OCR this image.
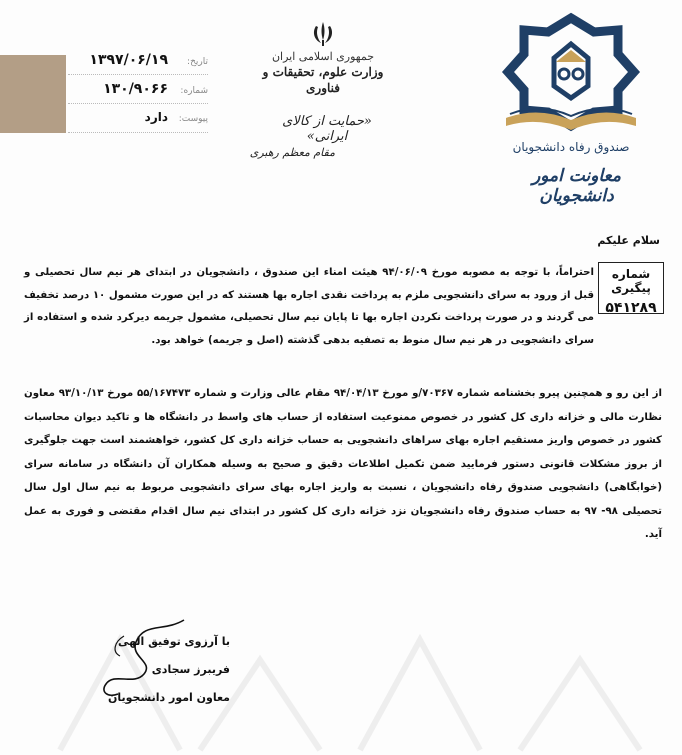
تاریخ:
۱۳۹۷/۰۶/۱۹
شماره:
۱۳۰/۹۰۶۶
پیوست:
دارد
جمهوری اسلامی ایران
وزارت علوم، تحقیقات و فناوری
«حمایت از کالای ایرانی»
مقام معظم رهبری	صندوق رفاه دانشجویان
معاونت امور دانشجویان
سلام علیکم
شماره پیگیری
۵۴۱۲۸۹

احتراماً، با توجه به مصوبه مورخ ۹۴/۰۶/۰۹ هیئت امناء این صندوق ، دانشجویان در ابتدای هر نیم سال تحصیلی و قبل از ورود به سرای دانشجویی ملزم به پرداخت نقدی اجاره بها هستند که در این صورت مشمول ۱۰ درصد تخفیف می گردند و در صورت پرداخت نکردن اجاره بها تا پایان نیم سال تحصیلی، مشمول جریمه دیرکرد شده و استفاده از سرای دانشجویی در هر نیم سال منوط به تصفیه بدهی گذشته (اصل و جریمه) خواهد بود.

از این رو و همچنین پیرو بخشنامه شماره ۷۰۳۶۷/و مورخ ۹۴/۰۴/۱۳ مقام عالی وزارت و شماره ۵۵/۱۶۷۴۷۳ مورخ ۹۳/۱۰/۱۳ معاون نظارت مالی و خزانه داری کل کشور در خصوص ممنوعیت استفاده از حساب های واسط در دانشگاه ها و تاکید دیوان محاسبات کشور در خصوص واریز مستقیم اجاره بهای سراهای دانشجویی به حساب خزانه داری کل کشور، خواهشمند است جهت جلوگیری از بروز مشکلات قانونی دستور فرمایید ضمن تکمیل اطلاعات دقیق و صحیح به وسیله همکاران آن دانشگاه در سامانه سرای (خوابگاهی) دانشجویی صندوق رفاه دانشجویان ، نسبت به واریز اجاره بهای سرای دانشجویی مربوط به نیم سال اول سال تحصیلی ۹۸- ۹۷ به حساب صندوق رفاه دانشجویان نزد خزانه داری کل کشور در ابتدای نیم سال اقدام مقتضی و فوری به عمل آید.

با آرزوی توفیق الهی
فریبرز سجادی
معاون امور دانشجویان
